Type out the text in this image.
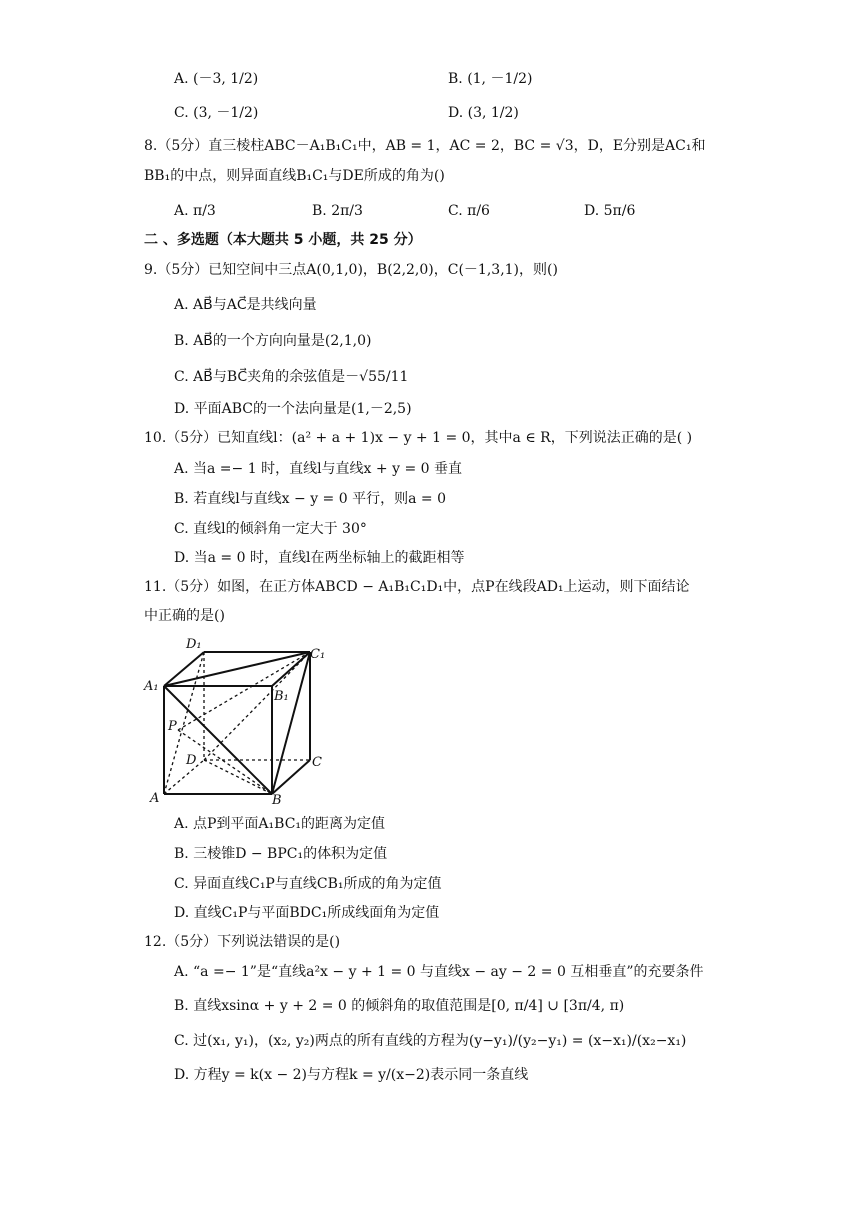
A. (－3, 1/2)	B. (1, －1/2)
C. (3, －1/2)	D. (3, 1/2)
8.（5分）直三棱柱ABC－A₁B₁C₁中，AB = 1，AC = 2，BC = √3，D，E分别是AC₁和
BB₁的中点，则异面直线B₁C₁与DE所成的角为()
A. π/3	B. 2π/3	C. π/6	D. 5π/6
二 、多选题（本大题共 5 小题，共 25 分）
9.（5分）已知空间中三点A(0,1,0)，B(2,2,0)，C(－1,3,1)，则()
A. AB⃗与AC⃗是共线向量
B. AB⃗的一个方向向量是(2,1,0)
C. AB⃗与BC⃗夹角的余弦值是－√55/11
D. 平面ABC的一个法向量是(1,－2,5)
10.（5分）已知直线l：(a² + a + 1)x − y + 1 = 0，其中a ∈ R，下列说法正确的是( )
A. 当a =− 1 时，直线l与直线x + y = 0 垂直
B. 若直线l与直线x − y = 0 平行，则a = 0
C. 直线l的倾斜角一定大于 30°
D. 当a = 0 时，直线l在两坐标轴上的截距相等
11.（5分）如图，在正方体ABCD − A₁B₁C₁D₁中，点P在线段AD₁上运动，则下面结论
中正确的是()
D₁
C₁
A₁
B₁
P
D	C
A	B
A. 点P到平面A₁BC₁的距离为定值
B. 三棱锥D − BPC₁的体积为定值
C. 异面直线C₁P与直线CB₁所成的角为定值
D. 直线C₁P与平面BDC₁所成线面角为定值
12.（5分）下列说法错误的是()
A. “a =− 1”是“直线a²x − y + 1 = 0 与直线x − ay − 2 = 0 互相垂直”的充要条件
B. 直线xsinα + y + 2 = 0 的倾斜角的取值范围是[0, π/4] ∪ [3π/4, π)
C. 过(x₁, y₁)，(x₂, y₂)两点的所有直线的方程为(y−y₁)/(y₂−y₁) = (x−x₁)/(x₂−x₁)
D. 方程y = k(x − 2)与方程k = y/(x−2)表示同一条直线
